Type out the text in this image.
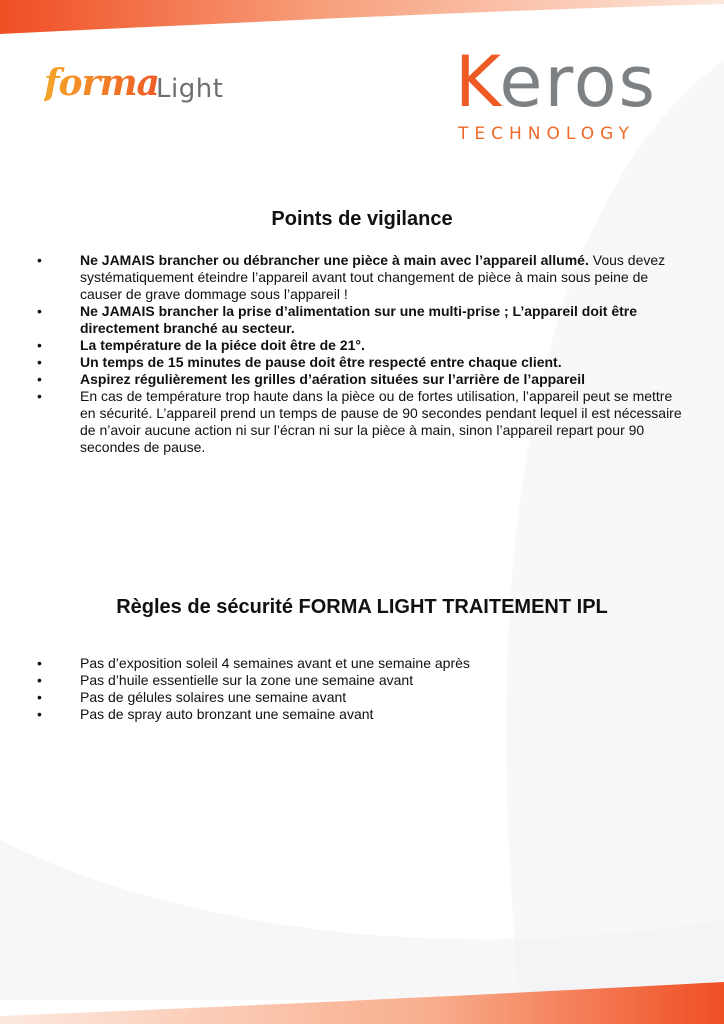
forma
Light	Keros
TECHNOLOGY
Points de vigilance
•	Ne JAMAIS brancher ou débrancher une pièce à main avec l’appareil allumé. Vous devez systématiquement éteindre l’appareil avant tout changement de pièce à main sous peine de causer de grave dommage sous l’appareil !
•	Ne JAMAIS brancher la prise d’alimentation sur une multi-prise ; L’appareil doit être directement branché au secteur.
•	La température de la piéce doit être de 21°.
•	Un temps de 15 minutes de pause doit être respecté entre chaque client.
•	Aspirez régulièrement les grilles d’aération situées sur l’arrière de l’appareil
•	En cas de température trop haute dans la pièce ou de fortes utilisation, l’appareil peut se mettre en sécurité. L’appareil prend un temps de pause de 90 secondes pendant lequel il est nécessaire de n’avoir aucune action ni sur l’écran ni sur la pièce à main, sinon l’appareil repart pour 90 secondes de pause.
Règles de sécurité FORMA LIGHT TRAITEMENT IPL
•	Pas d’exposition soleil 4 semaines avant et une semaine après
•	Pas d’huile essentielle sur la zone une semaine avant
•	Pas de gélules solaires une semaine avant
•	Pas de spray auto bronzant une semaine avant
